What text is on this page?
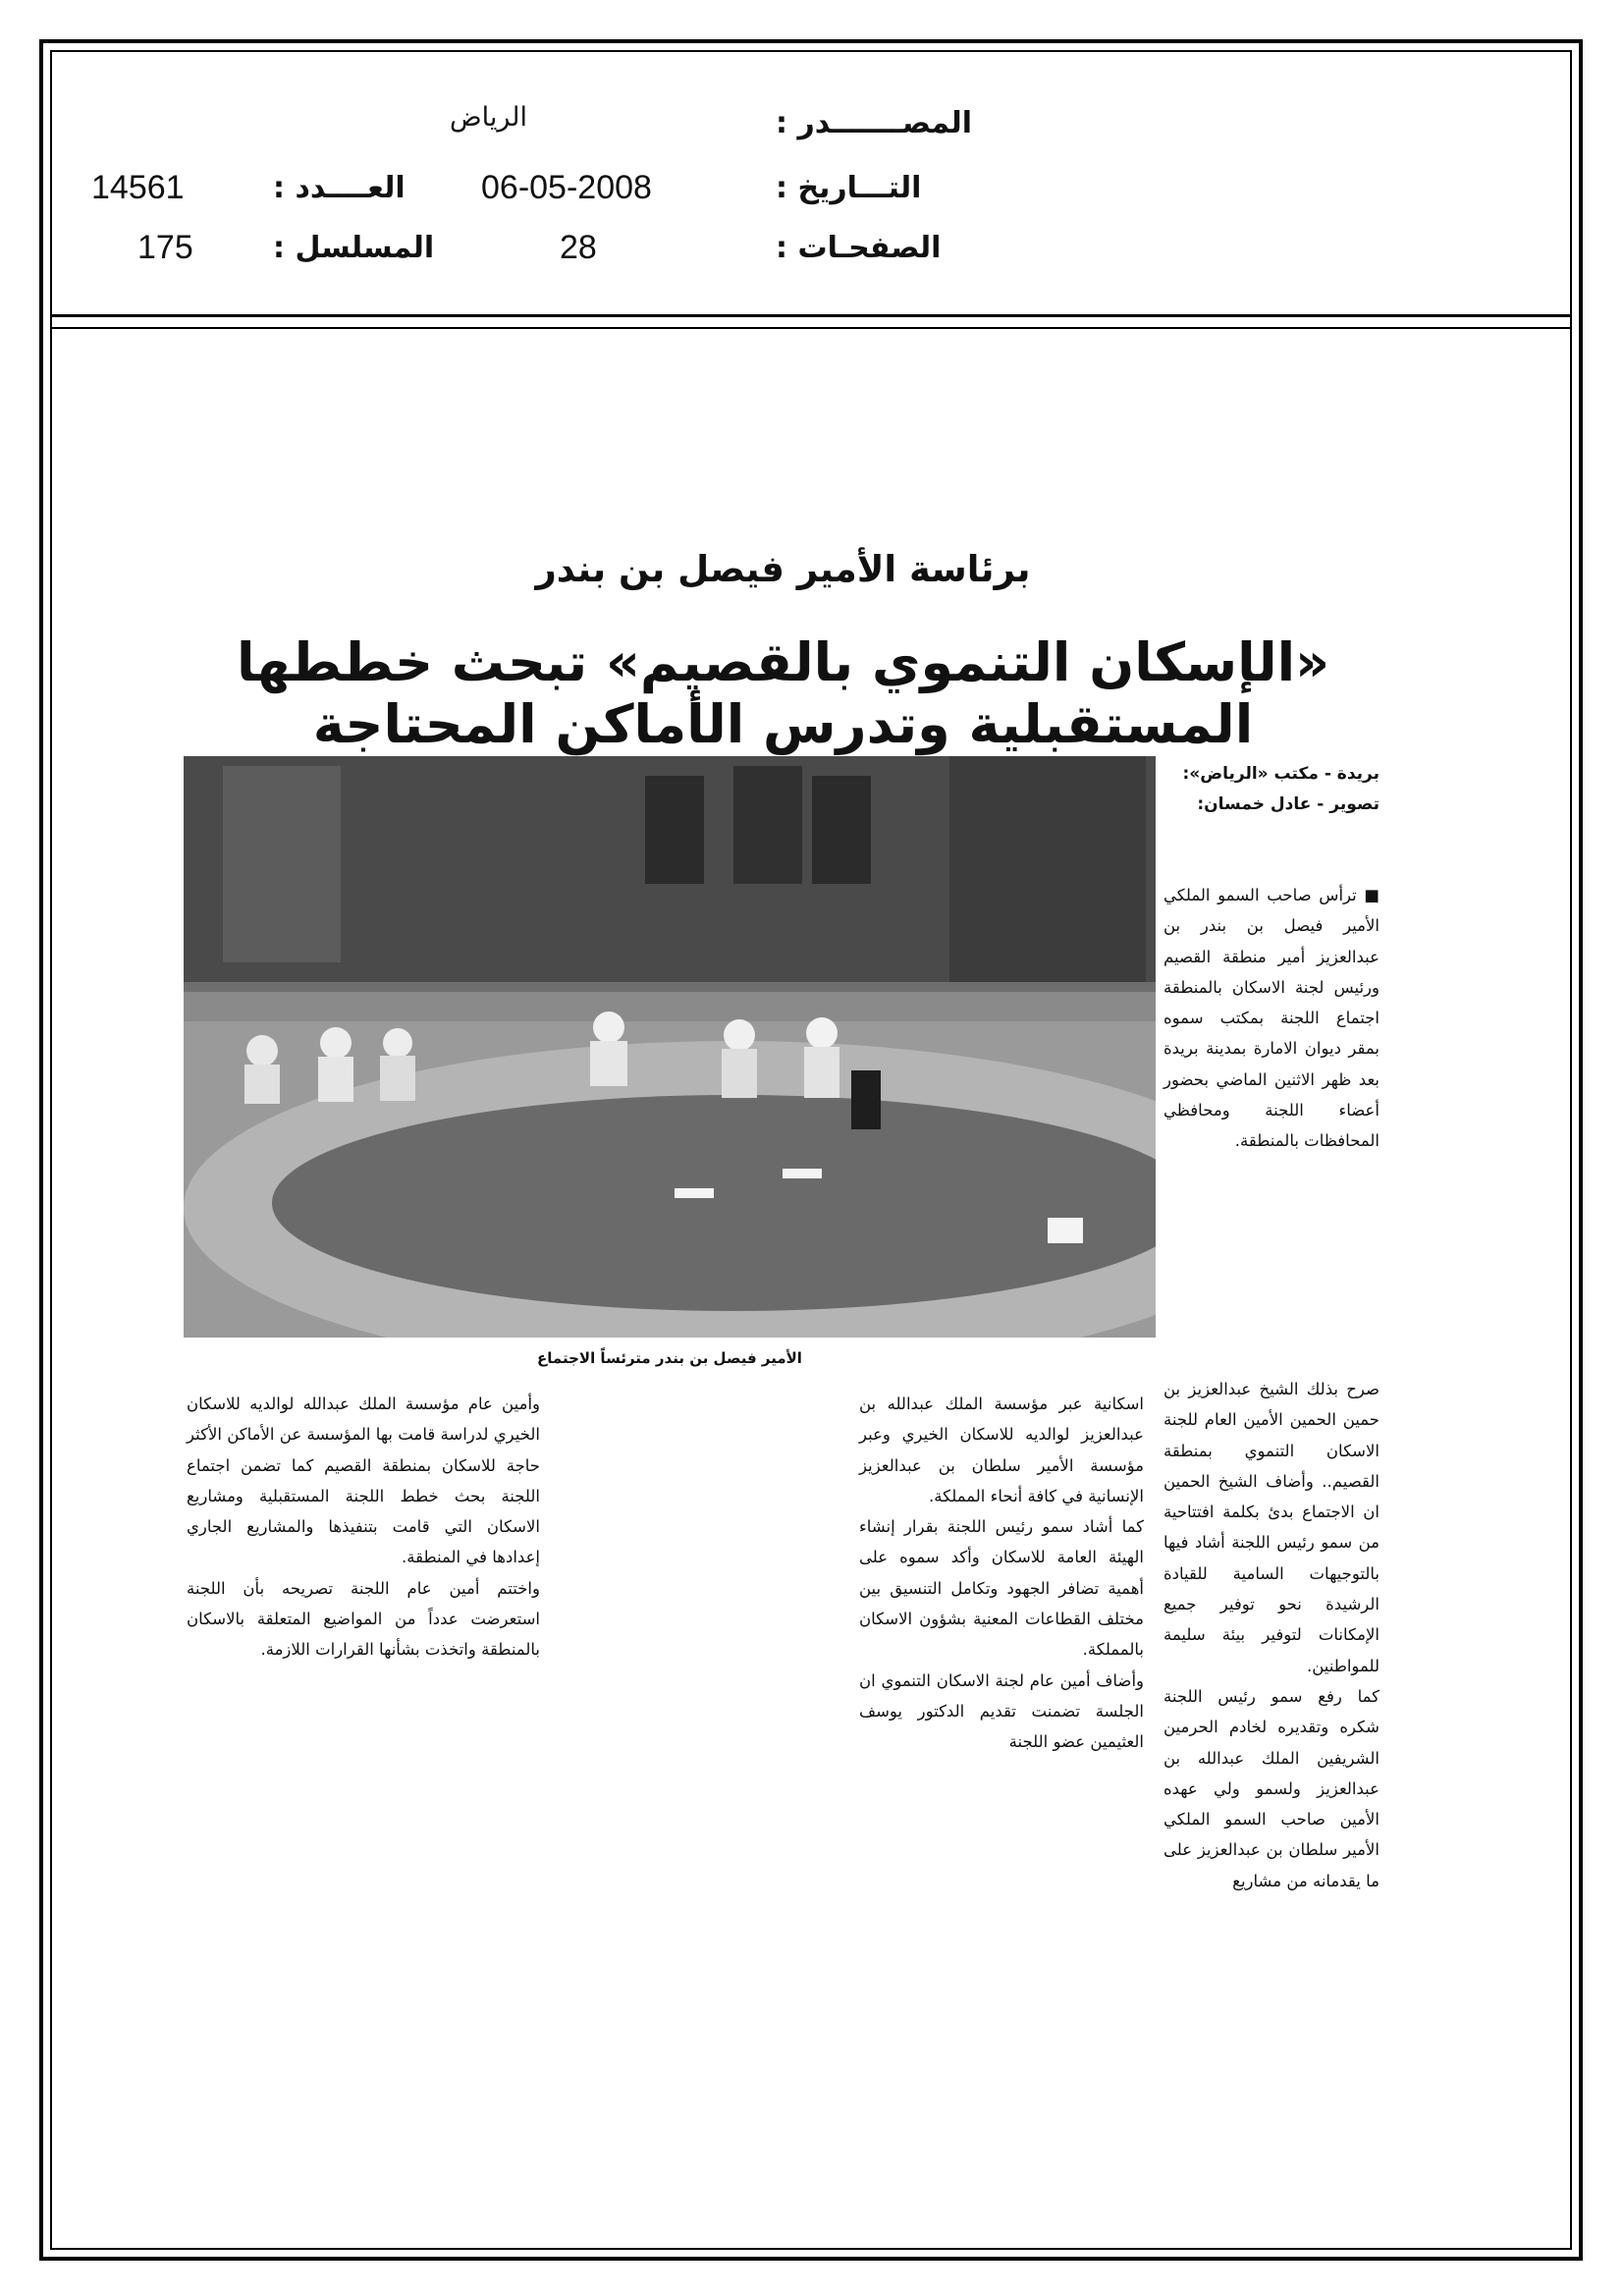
المصـــــــدر :
الرياض
التـــاريخ :
06-05-2008
العــــدد :
14561
الصفحـات :
28
المسلسل :
175
برئاسة الأمير فيصل بن بندر
«الإسكان التنموي بالقصيم» تبحث خططها المستقبلية وتدرس الأماكن المحتاجة
الأمير فيصل بن بندر مترئساً الاجتماع
بريدة - مكتب «الرياض»: تصوير - عادل خمسان:

■ ترأس صاحب السمو الملكي الأمير فيصل بن بندر بن عبدالعزيز أمير منطقة القصيم ورئيس لجنة الاسكان بالمنطقة اجتماع اللجنة بمكتب سموه بمقر ديوان الامارة بمدينة بريدة بعد ظهر الاثنين الماضي بحضور أعضاء اللجنة ومحافظي المحافظات بالمنطقة.

صرح بذلك الشيخ عبدالعزيز بن حمين الحمين الأمين العام للجنة الاسكان التنموي بمنطقة القصيم.. وأضاف الشيخ الحمين ان الاجتماع بدئ بكلمة افتتاحية من سمو رئيس اللجنة أشاد فيها بالتوجيهات السامية للقيادة الرشيدة نحو توفير جميع الإمكانات لتوفير بيئة سليمة للمواطنين.

كما رفع سمو رئيس اللجنة شكره وتقديره لخادم الحرمين الشريفين الملك عبدالله بن عبدالعزيز ولسمو ولي عهده الأمين صاحب السمو الملكي الأمير سلطان بن عبدالعزيز على ما يقدمانه من مشاريع

اسكانية عبر مؤسسة الملك عبدالله بن عبدالعزيز لوالديه للاسكان الخيري وعبر مؤسسة الأمير سلطان بن عبدالعزيز الإنسانية في كافة أنحاء المملكة.

كما أشاد سمو رئيس اللجنة بقرار إنشاء الهيئة العامة للاسكان وأكد سموه على أهمية تضافر الجهود وتكامل التنسيق بين مختلف القطاعات المعنية بشؤون الاسكان بالمملكة.

وأضاف أمين عام لجنة الاسكان التنموي ان الجلسة تضمنت تقديم الدكتور يوسف العثيمين عضو اللجنة

وأمين عام مؤسسة الملك عبدالله لوالديه للاسكان الخيري لدراسة قامت بها المؤسسة عن الأماكن الأكثر حاجة للاسكان بمنطقة القصيم كما تضمن اجتماع اللجنة بحث خطط اللجنة المستقبلية ومشاريع الاسكان التي قامت بتنفيذها والمشاريع الجاري إعدادها في المنطقة.

واختتم أمين عام اللجنة تصريحه بأن اللجنة استعرضت عدداً من المواضيع المتعلقة بالاسكان بالمنطقة واتخذت بشأنها القرارات اللازمة.
